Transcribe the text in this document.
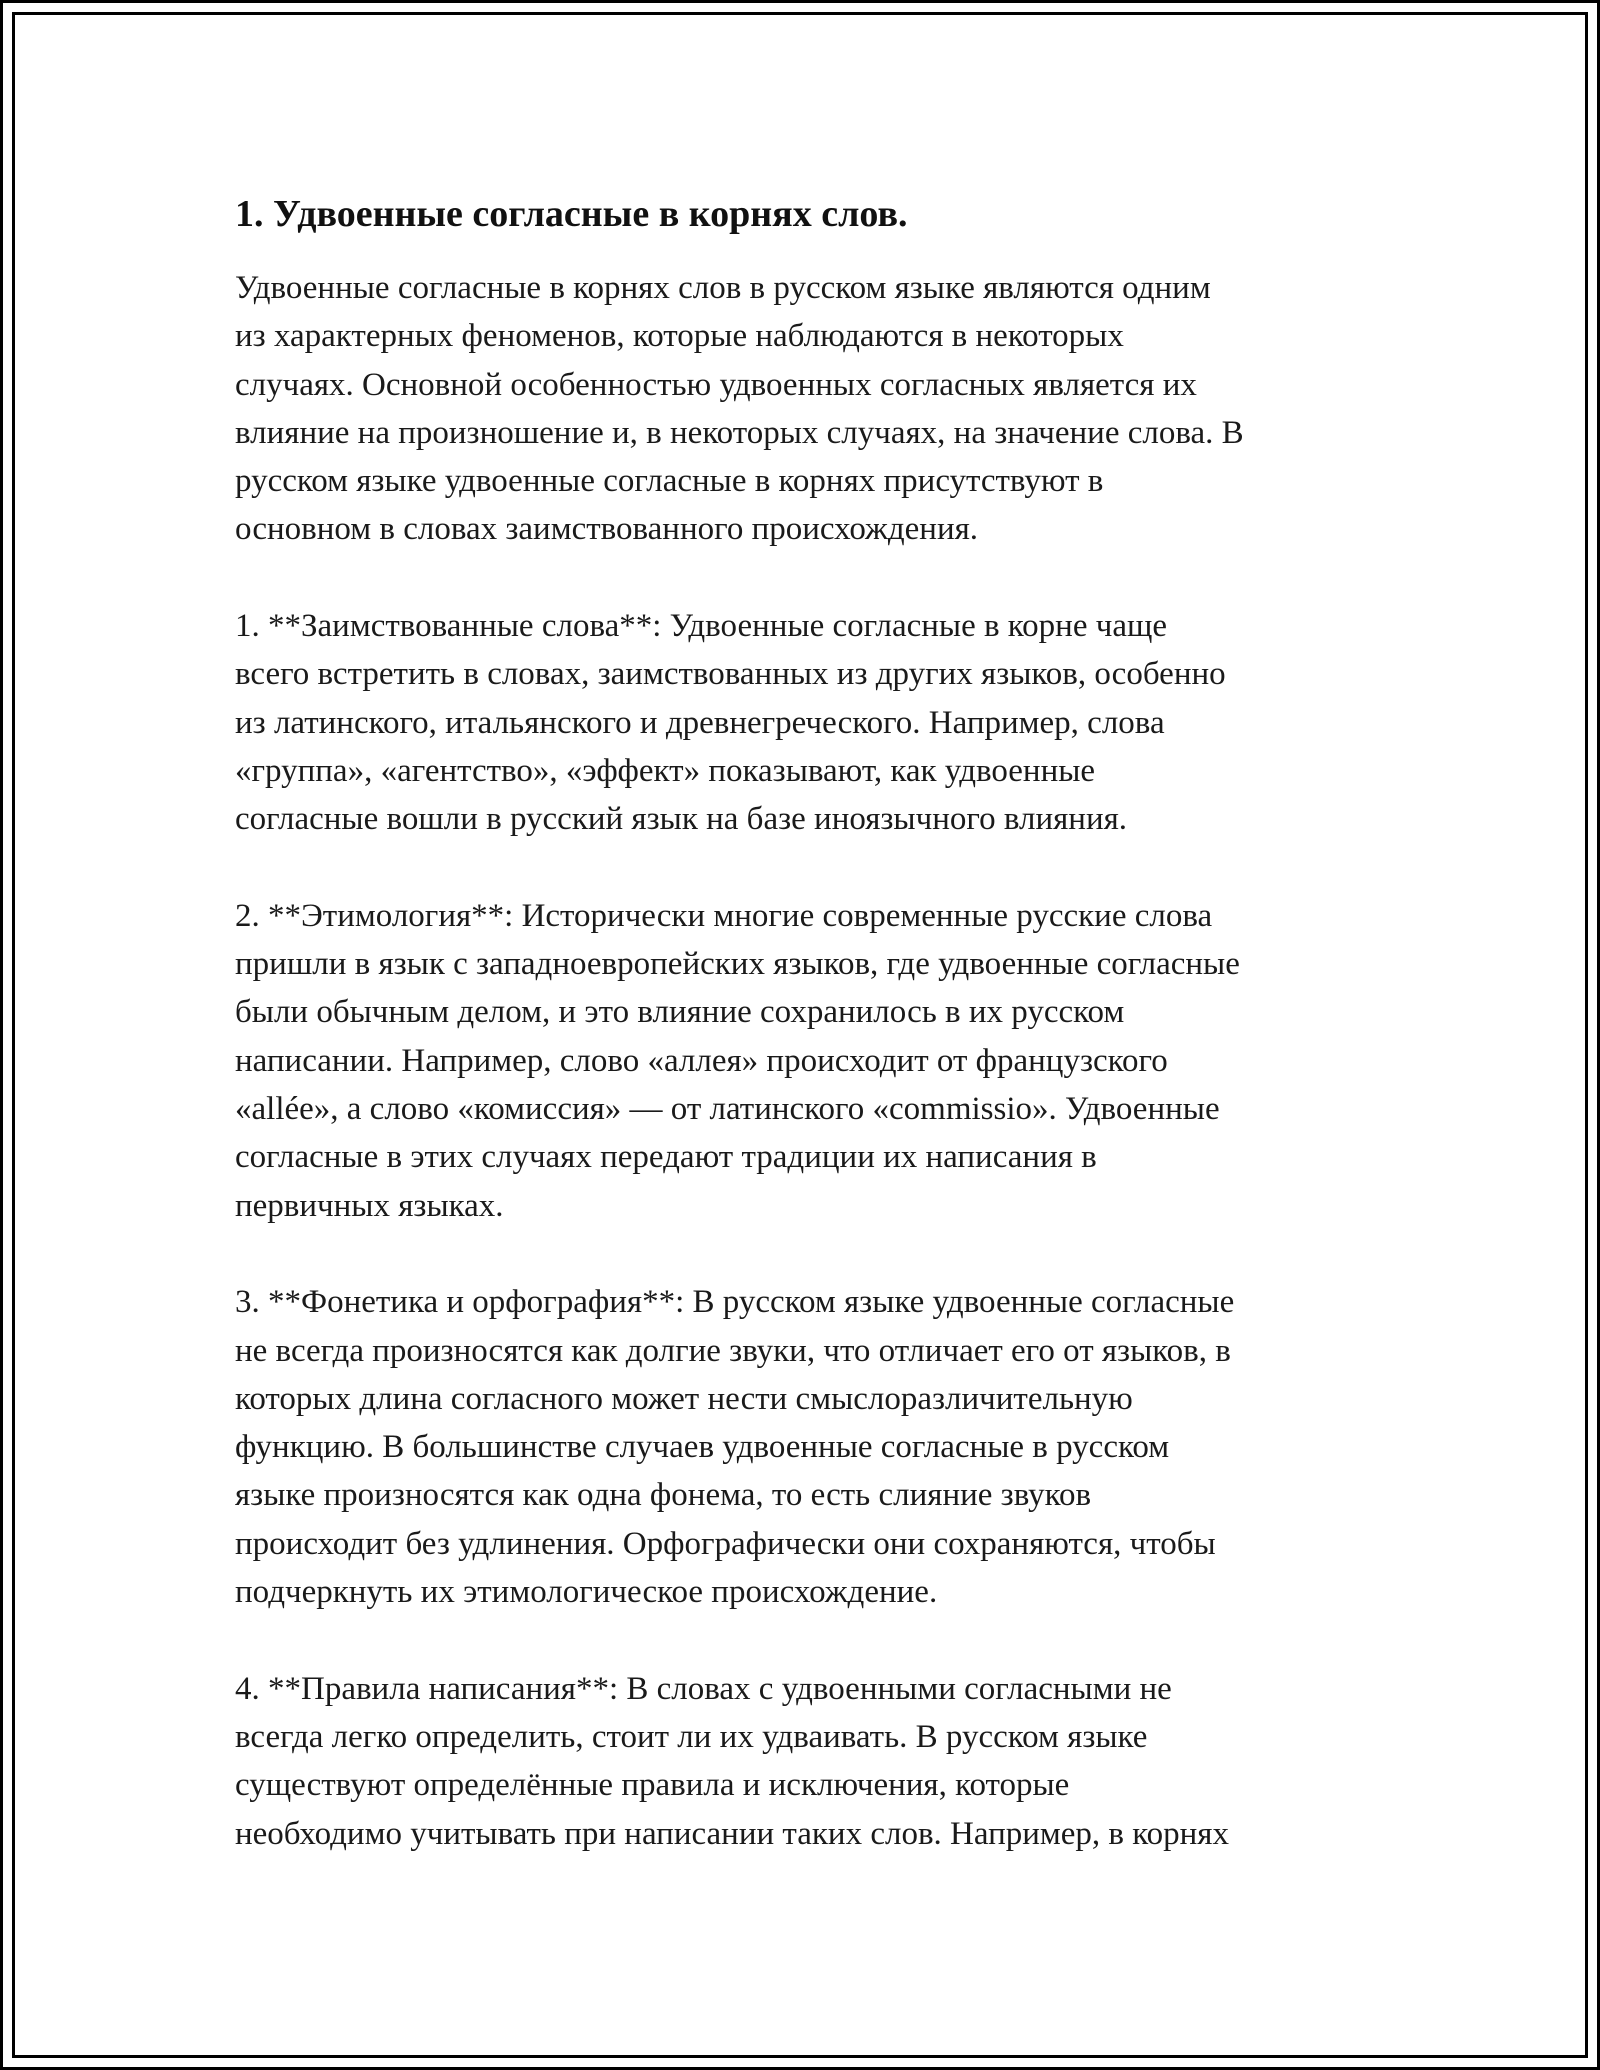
1. Удвоенные согласные в корнях слов.

Удвоенные согласные в корнях слов в русском языке являются одним
из характерных феноменов, которые наблюдаются в некоторых
случаях. Основной особенностью удвоенных согласных является их
влияние на произношение и, в некоторых случаях, на значение слова. В
русском языке удвоенные согласные в корнях присутствуют в
основном в словах заимствованного происхождения.

1. **Заимствованные слова**: Удвоенные согласные в корне чаще
всего встретить в словах, заимствованных из других языков, особенно
из латинского, итальянского и древнегреческого. Например, слова
«группа», «агентство», «эффект» показывают, как удвоенные
согласные вошли в русский язык на базе иноязычного влияния.

2. **Этимология**: Исторически многие современные русские слова
пришли в язык с западноевропейских языков, где удвоенные согласные
были обычным делом, и это влияние сохранилось в их русском
написании. Например, слово «аллея» происходит от французского
«allée», а слово «комиссия» — от латинского «commissio». Удвоенные
согласные в этих случаях передают традиции их написания в
первичных языках.

3. **Фонетика и орфография**: В русском языке удвоенные согласные
не всегда произносятся как долгие звуки, что отличает его от языков, в
которых длина согласного может нести смыслоразличительную
функцию. В большинстве случаев удвоенные согласные в русском
языке произносятся как одна фонема, то есть слияние звуков
происходит без удлинения. Орфографически они сохраняются, чтобы
подчеркнуть их этимологическое происхождение.

4. **Правила написания**: В словах с удвоенными согласными не
всегда легко определить, стоит ли их удваивать. В русском языке
существуют определённые правила и исключения, которые
необходимо учитывать при написании таких слов. Например, в корнях
